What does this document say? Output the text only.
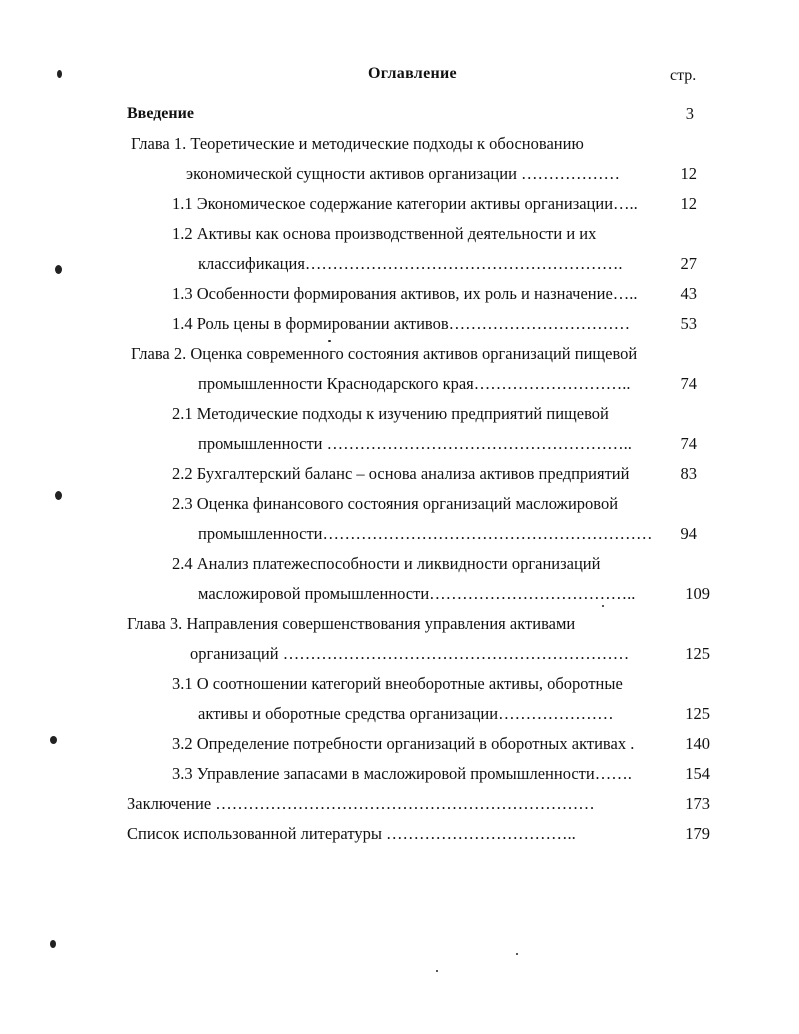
Оглавление	стр.
Введение	3
Глава 1. Теоретические и методические подходы к обоснованию
экономической сущности активов организации ………………	12
1.1 Экономическое содержание категории активы организации…..	12
1.2 Активы как основа производственной деятельности и их
классификация………………………………………………….	27
1.3 Особенности формирования активов, их роль и назначение…..	43
1.4 Роль цены в формировании активов……………………………	53
Глава 2. Оценка современного состояния активов организаций пищевой
промышленности Краснодарского края………………………..	74
2.1 Методические подходы к изучению предприятий пищевой
промышленности ………………………………………………..	74
2.2 Бухгалтерский баланс – основа анализа активов предприятий	83
2.3 Оценка финансового состояния организаций масложировой
промышленности……………………………………………………	94
2.4 Анализ платежеспособности и ликвидности организаций
масложировой промышленности………………………………..	109
Глава 3. Направления совершенствования управления активами
организаций ………………………………………………………	125
3.1 О соотношении категорий внеоборотные активы, оборотные
активы и оборотные средства организации…………………	125
3.2 Определение потребности организаций в оборотных активах .	140
3.3 Управление запасами в масложировой промышленности…….	154
Заключение ……………………………………………………………	173
Список использованной литературы ……………………………..	179
